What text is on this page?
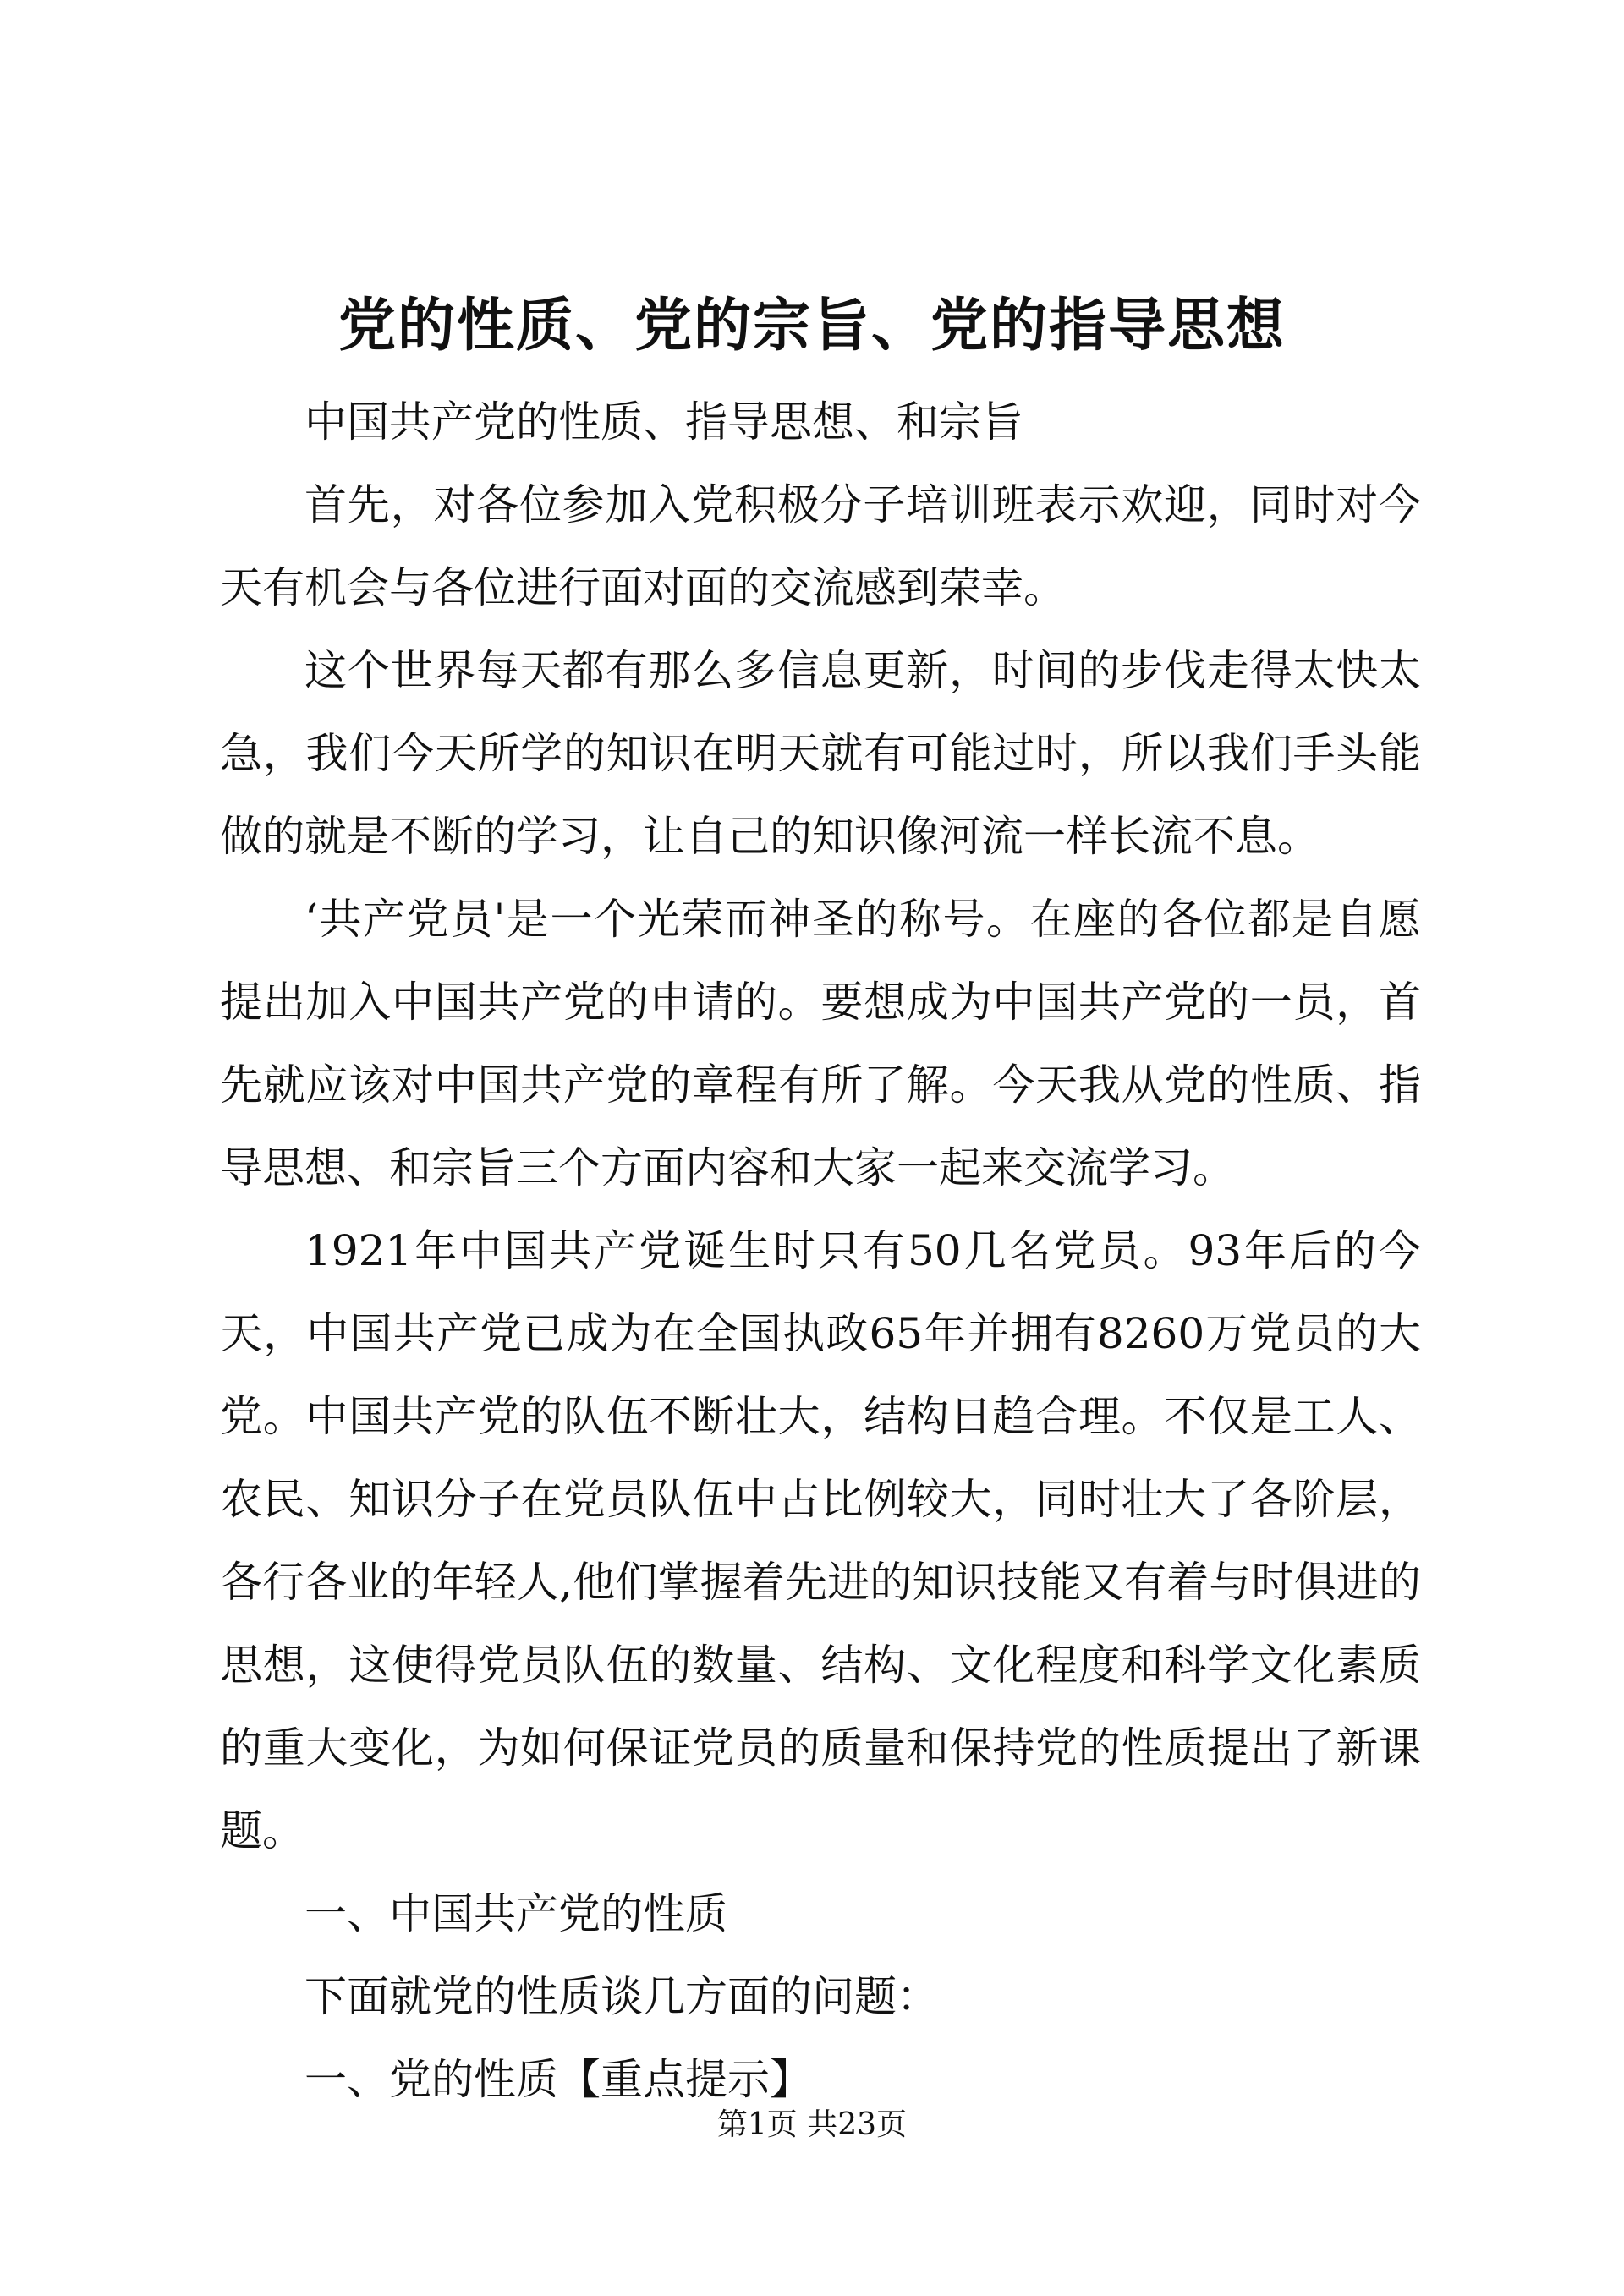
党的性质、党的宗旨、党的指导思想

中国共产党的性质、指导思想、和宗旨

首先，对各位参加入党积极分子培训班表示欢迎，同时对今天有机会与各位进行面对面的交流感到荣幸。

这个世界每天都有那么多信息更新，时间的步伐走得太快太急，我们今天所学的知识在明天就有可能过时，所以我们手头能做的就是不断的学习，让自己的知识像河流一样长流不息。

‘共产党员'是一个光荣而神圣的称号。在座的各位都是自愿提出加入中国共产党的申请的。要想成为中国共产党的一员，首先就应该对中国共产党的章程有所了解。今天我从党的性质、指导思想、和宗旨三个方面内容和大家一起来交流学习。

1921年中国共产党诞生时只有50几名党员。93年后的今天，中国共产党已成为在全国执政65年并拥有8260万党员的大党。中国共产党的队伍不断壮大，结构日趋合理。不仅是工人、农民、知识分子在党员队伍中占比例较大，同时壮大了各阶层，各行各业的年轻人,他们掌握着先进的知识技能又有着与时俱进的思想，这使得党员队伍的数量、结构、文化程度和科学文化素质的重大变化，为如何保证党员的质量和保持党的性质提出了新课题。

一、中国共产党的性质

下面就党的性质谈几方面的问题：

一、党的性质【重点提示】

第1页 共23页
